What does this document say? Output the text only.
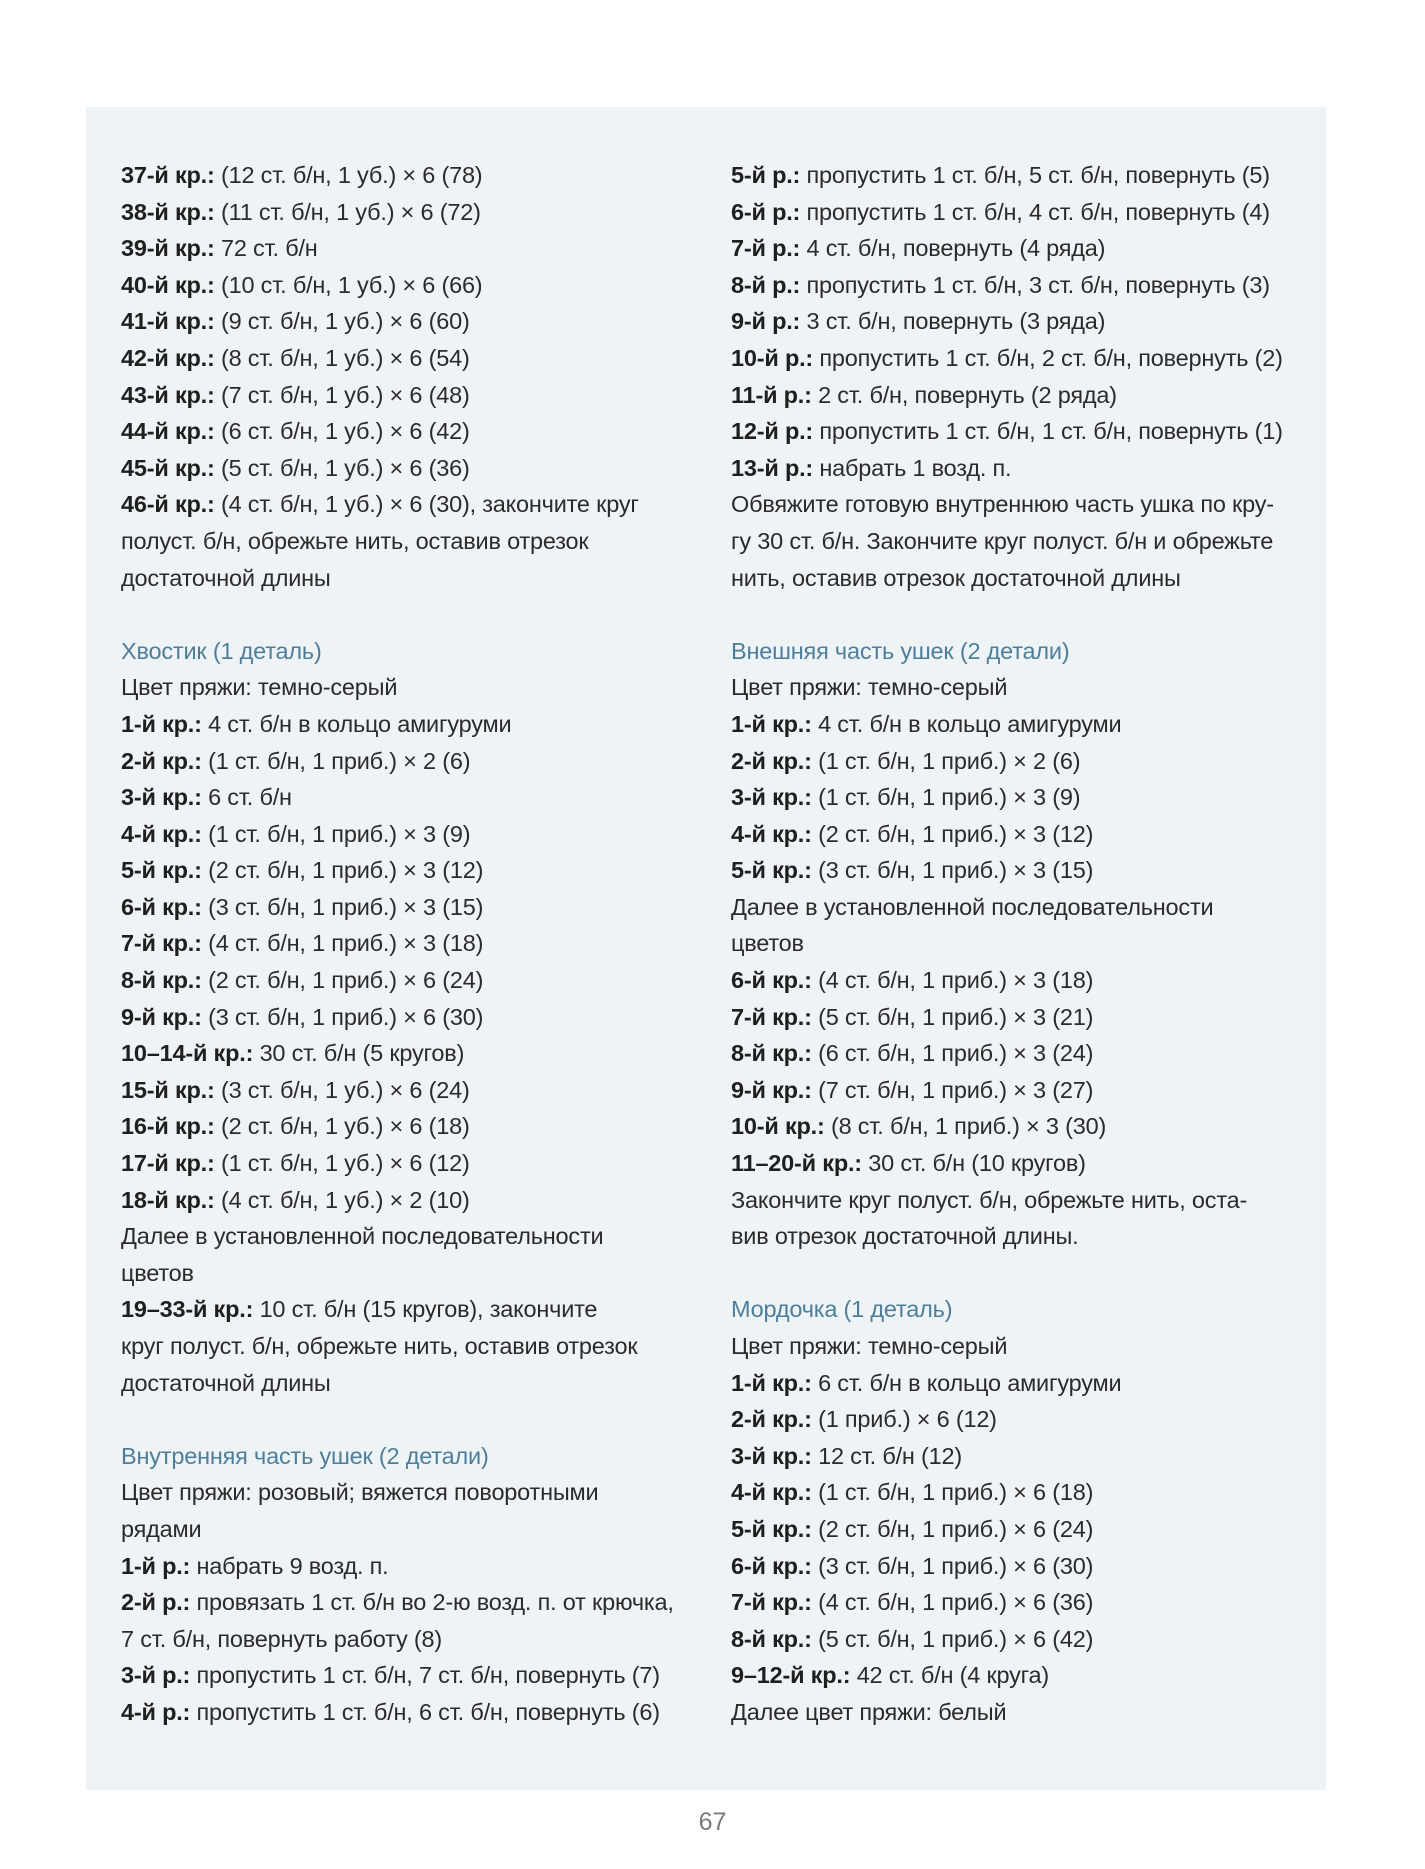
37-й кр.: (12 ст. б/н, 1 уб.) × 6 (78)
38-й кр.: (11 ст. б/н, 1 уб.) × 6 (72)
39-й кр.: 72 ст. б/н
40-й кр.: (10 ст. б/н, 1 уб.) × 6 (66)
41-й кр.: (9 ст. б/н, 1 уб.) × 6 (60)
42-й кр.: (8 ст. б/н, 1 уб.) × 6 (54)
43-й кр.: (7 ст. б/н, 1 уб.) × 6 (48)
44-й кр.: (6 ст. б/н, 1 уб.) × 6 (42)
45-й кр.: (5 ст. б/н, 1 уб.) × 6 (36)
46-й кр.: (4 ст. б/н, 1 уб.) × 6 (30), закончите круг
полуст. б/н, обрежьте нить, оставив отрезок
достаточной длины
Хвостик (1 деталь)
Цвет пряжи: темно-серый
1-й кр.: 4 ст. б/н в кольцо амигуруми
2-й кр.: (1 ст. б/н, 1 приб.) × 2 (6)
3-й кр.: 6 ст. б/н
4-й кр.: (1 ст. б/н, 1 приб.) × 3 (9)
5-й кр.: (2 ст. б/н, 1 приб.) × 3 (12)
6-й кр.: (3 ст. б/н, 1 приб.) × 3 (15)
7-й кр.: (4 ст. б/н, 1 приб.) × 3 (18)
8-й кр.: (2 ст. б/н, 1 приб.) × 6 (24)
9-й кр.: (3 ст. б/н, 1 приб.) × 6 (30)
10–14-й кр.: 30 ст. б/н (5 кругов)
15-й кр.: (3 ст. б/н, 1 уб.) × 6 (24)
16-й кр.: (2 ст. б/н, 1 уб.) × 6 (18)
17-й кр.: (1 ст. б/н, 1 уб.) × 6 (12)
18-й кр.: (4 ст. б/н, 1 уб.) × 2 (10)
Далее в установленной последовательности
цветов
19–33-й кр.: 10 ст. б/н (15 кругов), закончите
круг полуст. б/н, обрежьте нить, оставив отрезок
достаточной длины
Внутренняя часть ушек (2 детали)
Цвет пряжи: розовый; вяжется поворотными
рядами
1-й р.: набрать 9 возд. п.
2-й р.: провязать 1 ст. б/н во 2-ю возд. п. от крючка,
7 ст. б/н, повернуть работу (8)
3-й р.: пропустить 1 ст. б/н, 7 ст. б/н, повернуть (7)
4-й р.: пропустить 1 ст. б/н, 6 ст. б/н, повернуть (6)
5-й р.: пропустить 1 ст. б/н, 5 ст. б/н, повернуть (5)
6-й р.: пропустить 1 ст. б/н, 4 ст. б/н, повернуть (4)
7-й р.: 4 ст. б/н, повернуть (4 ряда)
8-й р.: пропустить 1 ст. б/н, 3 ст. б/н, повернуть (3)
9-й р.: 3 ст. б/н, повернуть (3 ряда)
10-й р.: пропустить 1 ст. б/н, 2 ст. б/н, повернуть (2)
11-й р.: 2 ст. б/н, повернуть (2 ряда)
12-й р.: пропустить 1 ст. б/н, 1 ст. б/н, повернуть (1)
13-й р.: набрать 1 возд. п.
Обвяжите готовую внутреннюю часть ушка по кру-
гу 30 ст. б/н. Закончите круг полуст. б/н и обрежьте
нить, оставив отрезок достаточной длины
Внешняя часть ушек (2 детали)
Цвет пряжи: темно-серый
1-й кр.: 4 ст. б/н в кольцо амигуруми
2-й кр.: (1 ст. б/н, 1 приб.) × 2 (6)
3-й кр.: (1 ст. б/н, 1 приб.) × 3 (9)
4-й кр.: (2 ст. б/н, 1 приб.) × 3 (12)
5-й кр.: (3 ст. б/н, 1 приб.) × 3 (15)
Далее в установленной последовательности
цветов
6-й кр.: (4 ст. б/н, 1 приб.) × 3 (18)
7-й кр.: (5 ст. б/н, 1 приб.) × 3 (21)
8-й кр.: (6 ст. б/н, 1 приб.) × 3 (24)
9-й кр.: (7 ст. б/н, 1 приб.) × 3 (27)
10-й кр.: (8 ст. б/н, 1 приб.) × 3 (30)
11–20-й кр.: 30 ст. б/н (10 кругов)
Закончите круг полуст. б/н, обрежьте нить, оста-
вив отрезок достаточной длины.
Мордочка (1 деталь)
Цвет пряжи: темно-серый
1-й кр.: 6 ст. б/н в кольцо амигуруми
2-й кр.: (1 приб.) × 6 (12)
3-й кр.: 12 ст. б/н (12)
4-й кр.: (1 ст. б/н, 1 приб.) × 6 (18)
5-й кр.: (2 ст. б/н, 1 приб.) × 6 (24)
6-й кр.: (3 ст. б/н, 1 приб.) × 6 (30)
7-й кр.: (4 ст. б/н, 1 приб.) × 6 (36)
8-й кр.: (5 ст. б/н, 1 приб.) × 6 (42)
9–12-й кр.: 42 ст. б/н (4 круга)
Далее цвет пряжи: белый
67
